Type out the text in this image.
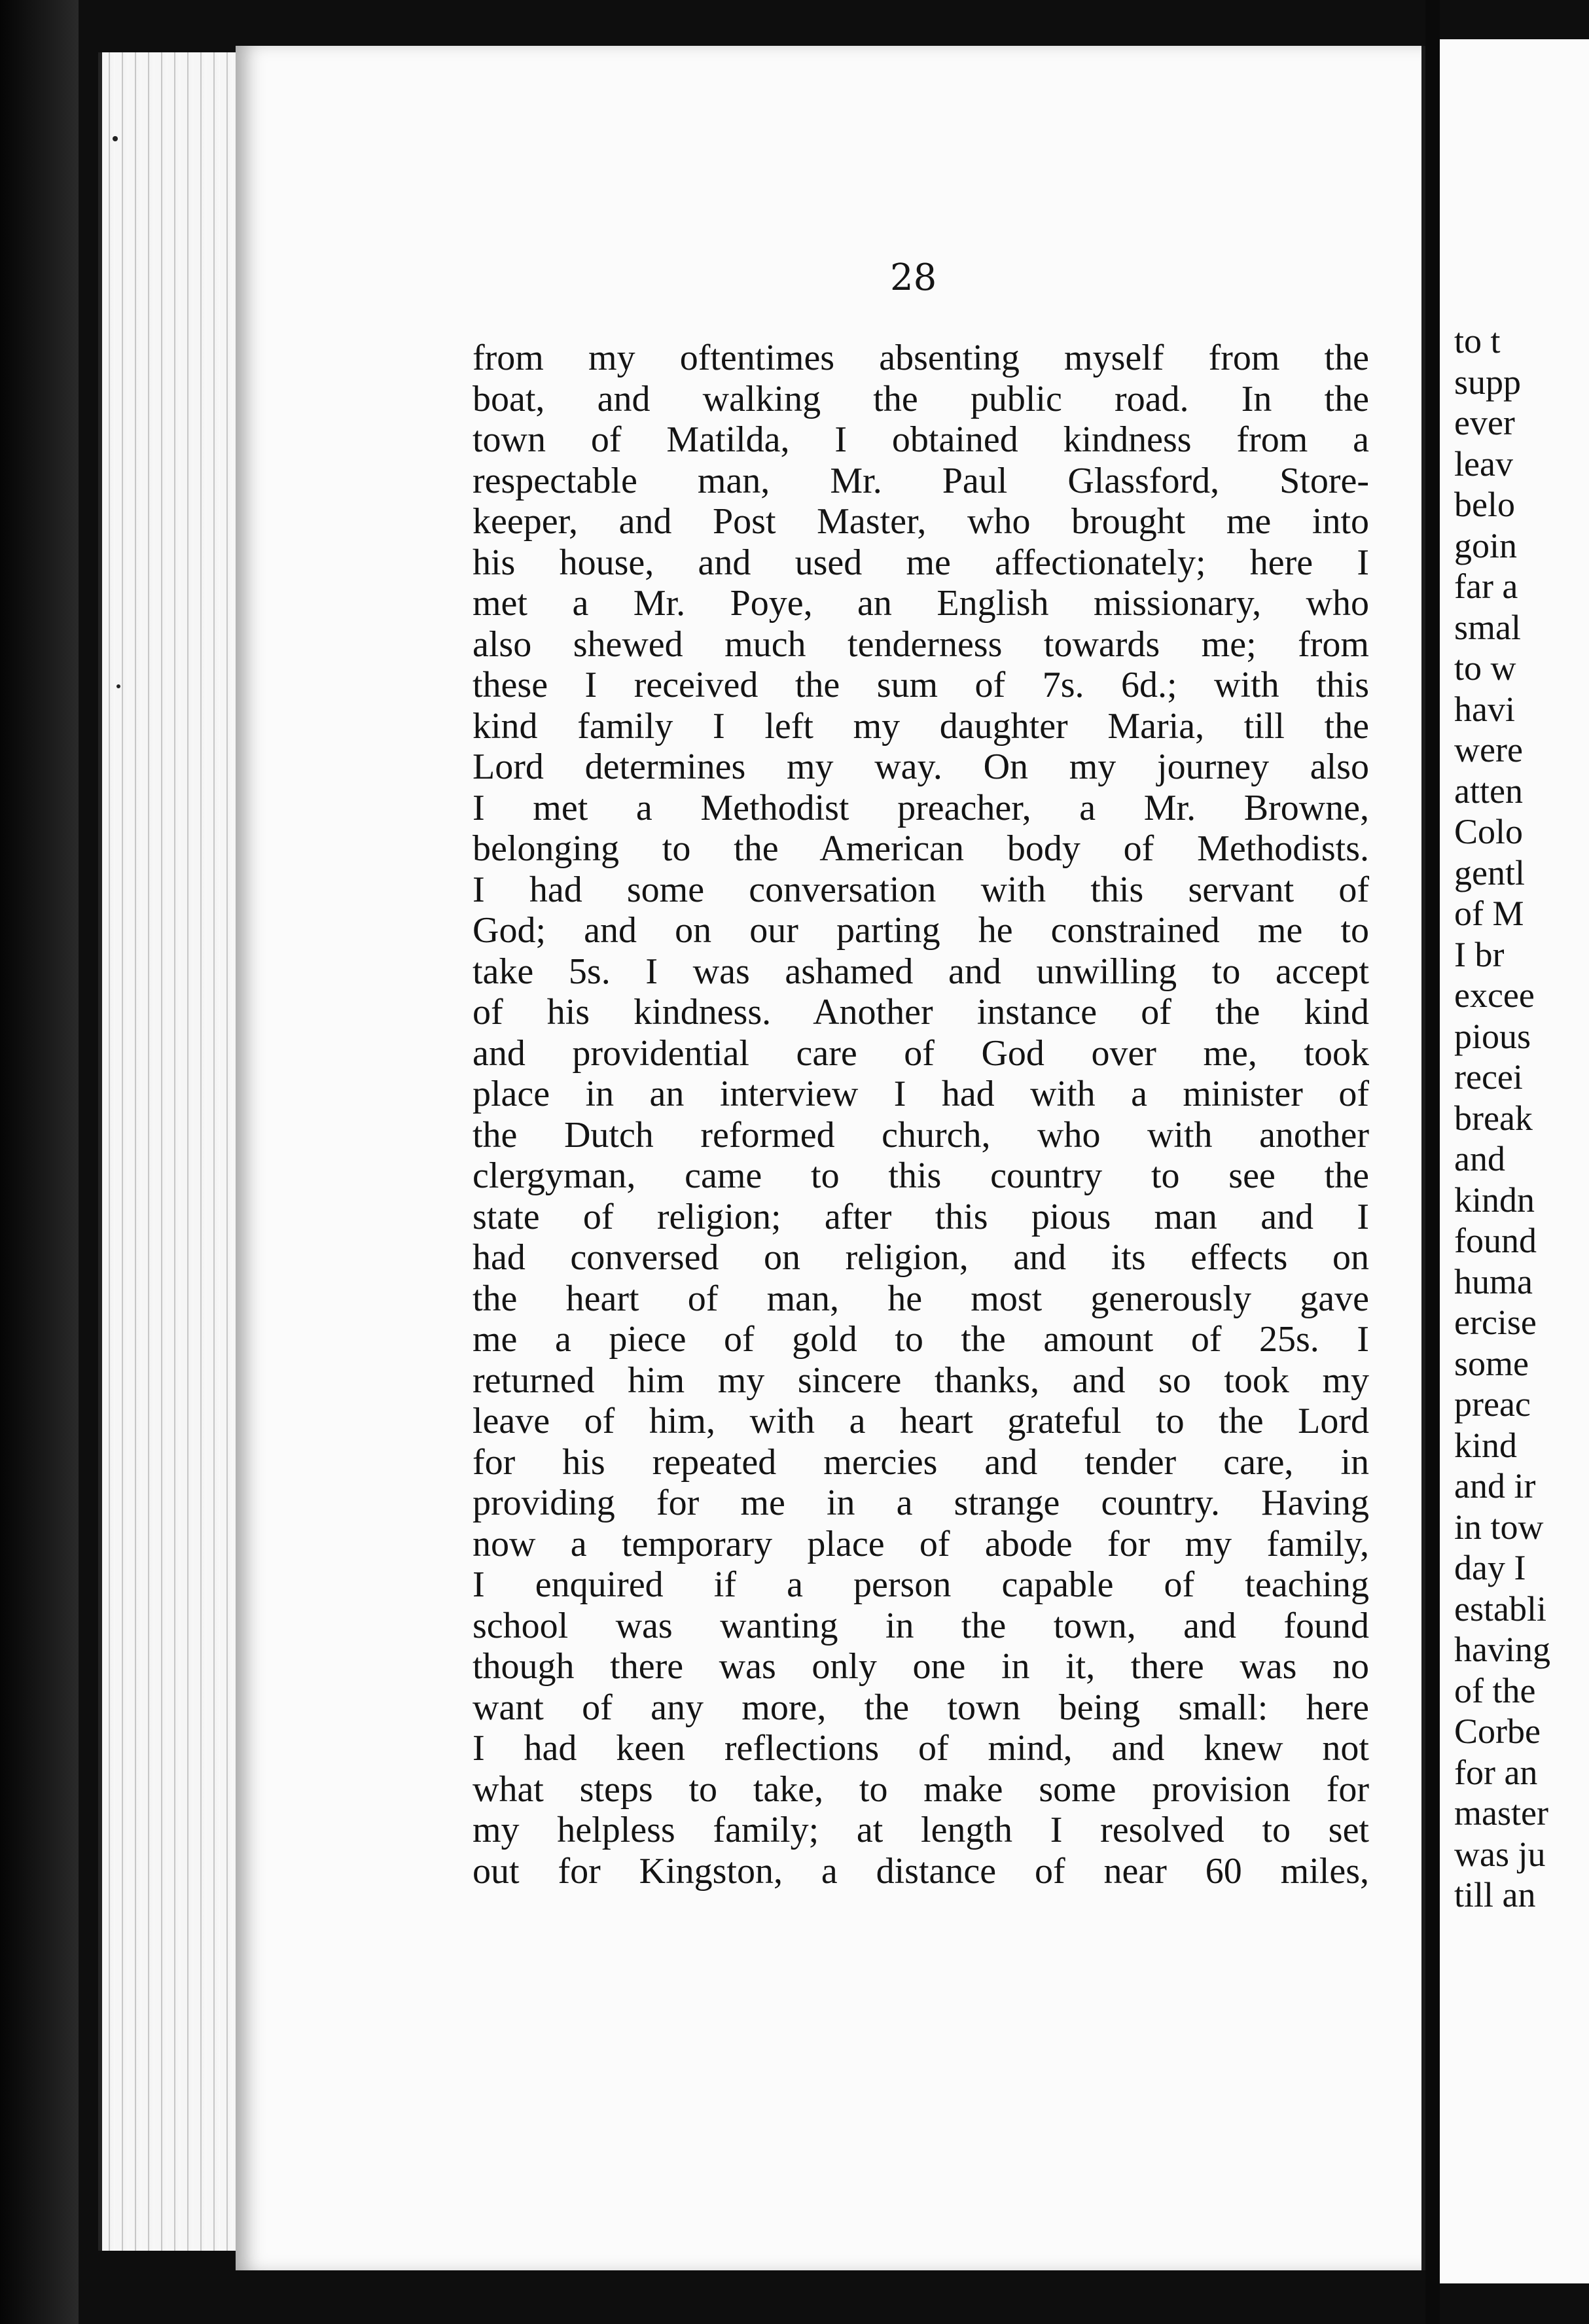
28
from my oftentimes absenting myself from the
boat, and walking the public road. In the
town of Matilda, I obtained kindness from a
respectable man, Mr. Paul Glassford, Store-
keeper, and Post Master, who brought me into
his house, and used me affectionately; here I
met a Mr. Poye, an English missionary, who
also shewed much tenderness towards me; from
these I received the sum of 7s. 6d.; with this
kind family I left my daughter Maria, till the
Lord determines my way. On my journey also
I met a Methodist preacher, a Mr. Browne,
belonging to the American body of Methodists.
I had some conversation with this servant of
God; and on our parting he constrained me to
take 5s. I was ashamed and unwilling to accept
of his kindness. Another instance of the kind
and providential care of God over me, took
place in an interview I had with a minister of
the Dutch reformed church, who with another
clergyman, came to this country to see the
state of religion; after this pious man and I
had conversed on religion, and its effects on
the heart of man, he most generously gave
me a piece of gold to the amount of 25s. I
returned him my sincere thanks, and so took my
leave of him, with a heart grateful to the Lord
for his repeated mercies and tender care, in
providing for me in a strange country. Having
now a temporary place of abode for my family,
I enquired if a person capable of teaching
school was wanting in the town, and found
though there was only one in it, there was no
want of any more, the town being small: here
I had keen reflections of mind, and knew not
what steps to take, to make some provision for
my helpless family; at length I resolved to set
out for Kingston, a distance of near 60 miles,
to t
supp
ever
leav
belo
goin
far a
smal
to w
havi
were
atten
Colo
gentl
of M
I br
excee
pious
recei
break
and
kindn
found
huma
ercise
some
preac
kind
and ir
in tow
day I
establi
having
of the
Corbe
for an
master
was ju
till an
